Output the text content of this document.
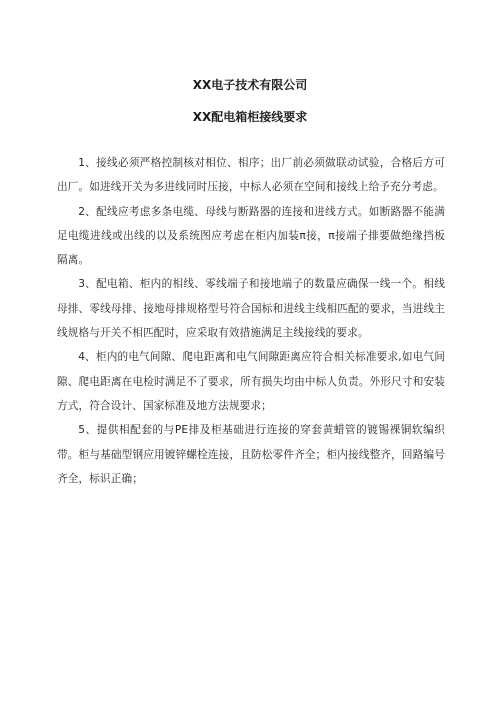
XX电子技术有限公司
XX配电箱柜接线要求

1、接线必须严格控制核对相位、相序；出厂前必须做联动试验，合格后方可出厂。如进线开关为多进线同时压接，中标人必须在空间和接线上给予充分考虑。

2、配线应考虑多条电缆、母线与断路器的连接和进线方式。如断路器不能满足电缆进线或出线的以及系统图应考虑在柜内加装π接，π接端子排要做绝缘挡板隔离。

3、配电箱、柜内的相线、零线端子和接地端子的数量应确保一线一个。相线母排、零线母排、接地母排规格型号符合国标和进线主线相匹配的要求，当进线主线规格与开关不相匹配时，应采取有效措施满足主线接线的要求。

4、柜内的电气间隙、爬电距离和电气间隙距离应符合相关标准要求,如电气间隙、爬电距离在电检时满足不了要求，所有损失均由中标人负责。外形尺寸和安装方式，符合设计、国家标准及地方法规要求；

5、提供相配套的与PE排及柜基础进行连接的穿套黄蜡管的镀锡裸铜软编织带。柜与基础型钢应用镀锌螺栓连接，且防松零件齐全；柜内接线整齐，回路编号齐全，标识正确；
